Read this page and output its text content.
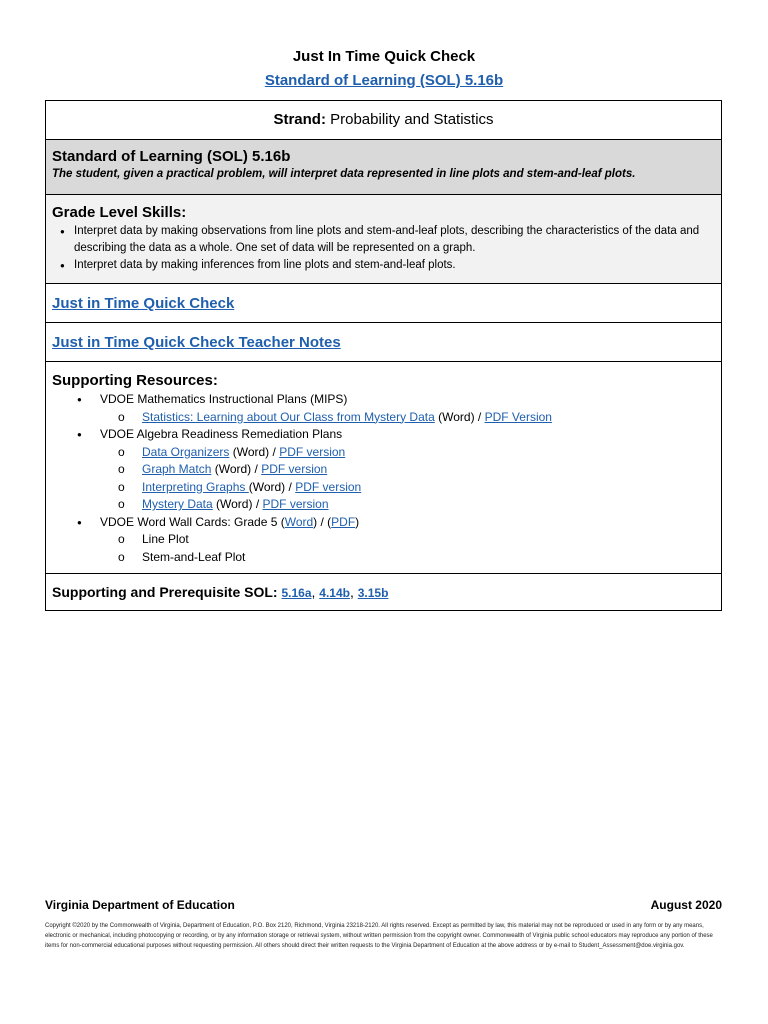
Just In Time Quick Check
Standard of Learning (SOL) 5.16b
Strand: Probability and Statistics
Standard of Learning (SOL) 5.16b
The student, given a practical problem, will interpret data represented in line plots and stem-and-leaf plots.
Grade Level Skills:
● Interpret data by making observations from line plots and stem-and-leaf plots, describing the characteristics of the data and describing the data as a whole. One set of data will be represented on a graph.
● Interpret data by making inferences from line plots and stem-and-leaf plots.
Just in Time Quick Check
Just in Time Quick Check Teacher Notes
Supporting Resources:
● VDOE Mathematics Instructional Plans (MIPS)
o Statistics: Learning about Our Class from Mystery Data (Word) / PDF Version
● VDOE Algebra Readiness Remediation Plans
o Data Organizers (Word) / PDF version
o Graph Match (Word) / PDF version
o Interpreting Graphs (Word) / PDF version
o Mystery Data (Word) / PDF version
● VDOE Word Wall Cards: Grade 5 (Word) / (PDF)
o Line Plot
o Stem-and-Leaf Plot
Supporting and Prerequisite SOL: 5.16a, 4.14b, 3.15b
Virginia Department of Education	August 2020
Copyright ©2020 by the Commonwealth of Virginia, Department of Education, P.O. Box 2120, Richmond, Virginia 23218-2120. All rights reserved. Except as permitted by law, this material may not be reproduced or used in any form or by any means, electronic or mechanical, including photocopying or recording, or by any information storage or retrieval system, without written permission from the copyright owner. Commonwealth of Virginia public school educators may reproduce any portion of these items for non-commercial educational purposes without requesting permission. All others should direct their written requests to the Virginia Department of Education at the above address or by e-mail to Student_Assessment@doe.virginia.gov.
